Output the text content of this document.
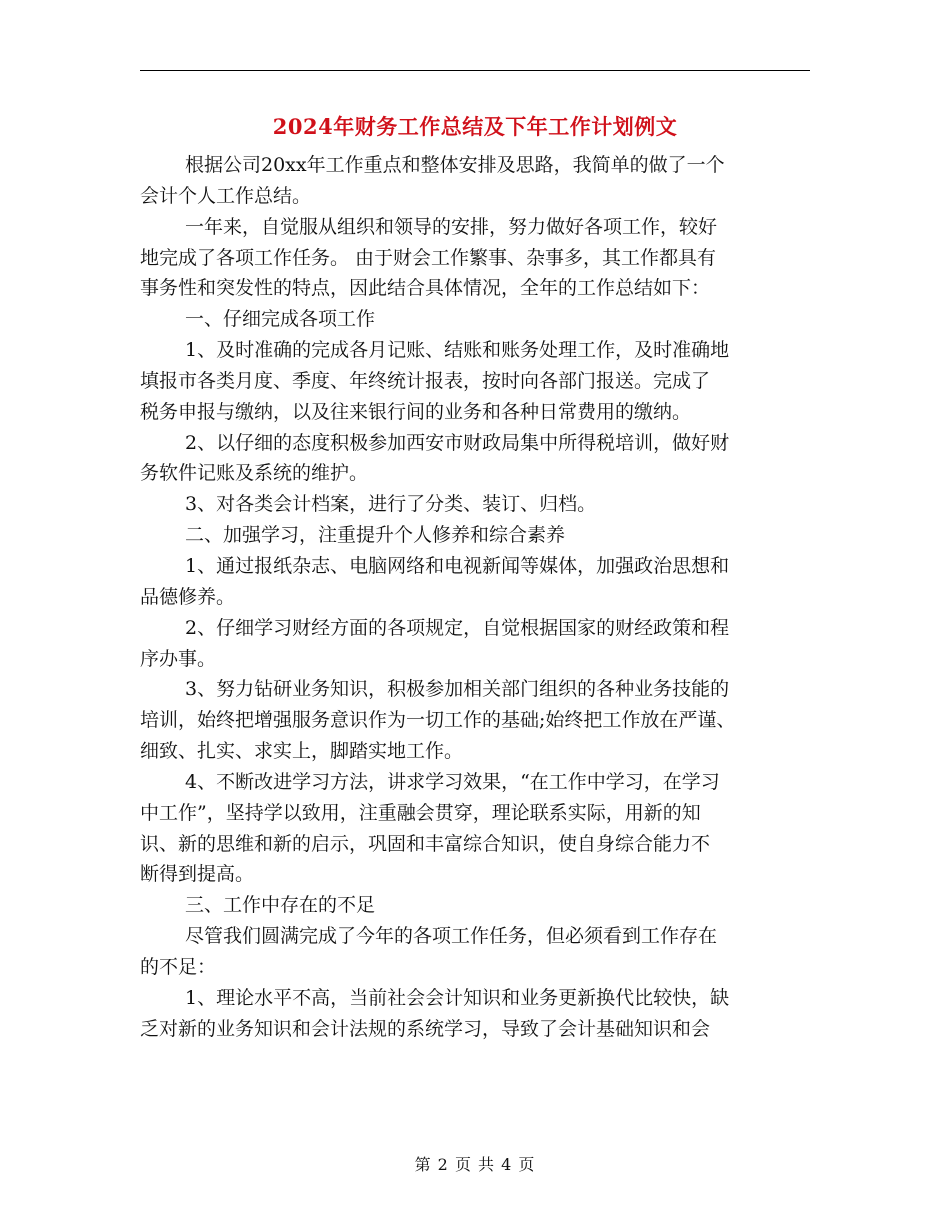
2024年财务工作总结及下年工作计划例文
根据公司20xx年工作重点和整体安排及思路，我简单的做了一个
会计个人工作总结。
一年来，自觉服从组织和领导的安排，努力做好各项工作，较好
地完成了各项工作任务。 由于财会工作繁事、杂事多，其工作都具有
事务性和突发性的特点，因此结合具体情况，全年的工作总结如下：
一、仔细完成各项工作
1、及时准确的完成各月记账、结账和账务处理工作，及时准确地
填报市各类月度、季度、年终统计报表，按时向各部门报送。完成了
税务申报与缴纳，以及往来银行间的业务和各种日常费用的缴纳。
2、以仔细的态度积极参加西安市财政局集中所得税培训，做好财
务软件记账及系统的维护。
3、对各类会计档案，进行了分类、装订、归档。
二、加强学习，注重提升个人修养和综合素养
1、通过报纸杂志、电脑网络和电视新闻等媒体，加强政治思想和
品德修养。
2、仔细学习财经方面的各项规定，自觉根据国家的财经政策和程
序办事。
3、努力钻研业务知识，积极参加相关部门组织的各种业务技能的
培训，始终把增强服务意识作为一切工作的基础;始终把工作放在严谨、
细致、扎实、求实上，脚踏实地工作。
4、不断改进学习方法，讲求学习效果，“在工作中学习，在学习
中工作”，坚持学以致用，注重融会贯穿，理论联系实际，用新的知
识、新的思维和新的启示，巩固和丰富综合知识，使自身综合能力不
断得到提高。
三、工作中存在的不足
尽管我们圆满完成了今年的各项工作任务，但必须看到工作存在
的不足：
1、理论水平不高，当前社会会计知识和业务更新换代比较快，缺
乏对新的业务知识和会计法规的系统学习，导致了会计基础知识和会
第 2 页 共 4 页
